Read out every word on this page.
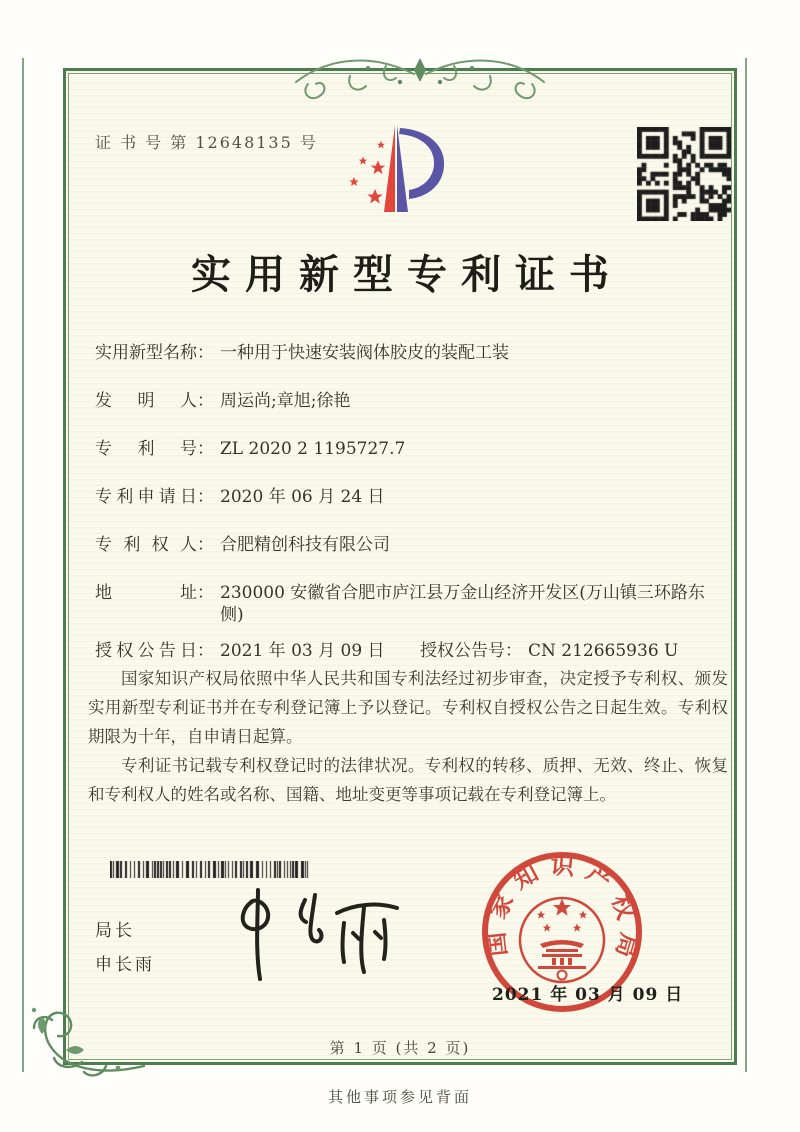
证 书 号 第 12648135 号
实用新型专利证书
实用新型名称 ： 一种用于快速安装阀体胶皮的装配工装
发明人 ： 周运尚;章旭;徐艳
专利号 ： ZL 2020 2 1195727.7
专利申请日 ： 2020 年 06 月 24 日
专利权人 ： 合肥精创科技有限公司
地址 ： 230000 安徽省合肥市庐江县万金山经济开发区(万山镇三环路东侧)
授权公告日 ： 2021 年 03 月 09 日 授权公告号 ： CN 212665936 U

国家知识产权局依照中华人民共和国专利法经过初步审查，决定授予专利权、颁发实用新型专利证书并在专利登记簿上予以登记。专利权自授权公告之日起生效。专利权期限为十年，自申请日起算。

专利证书记载专利权登记时的法律状况。专利权的转移、质押、无效、终止、恢复和专利权人的姓名或名称、国籍、地址变更等事项记载在专利登记簿上。

局长
申长雨
国家知识产权局
2021 年 03 月 09 日
第 1 页 (共 2 页)
其他事项参见背面
